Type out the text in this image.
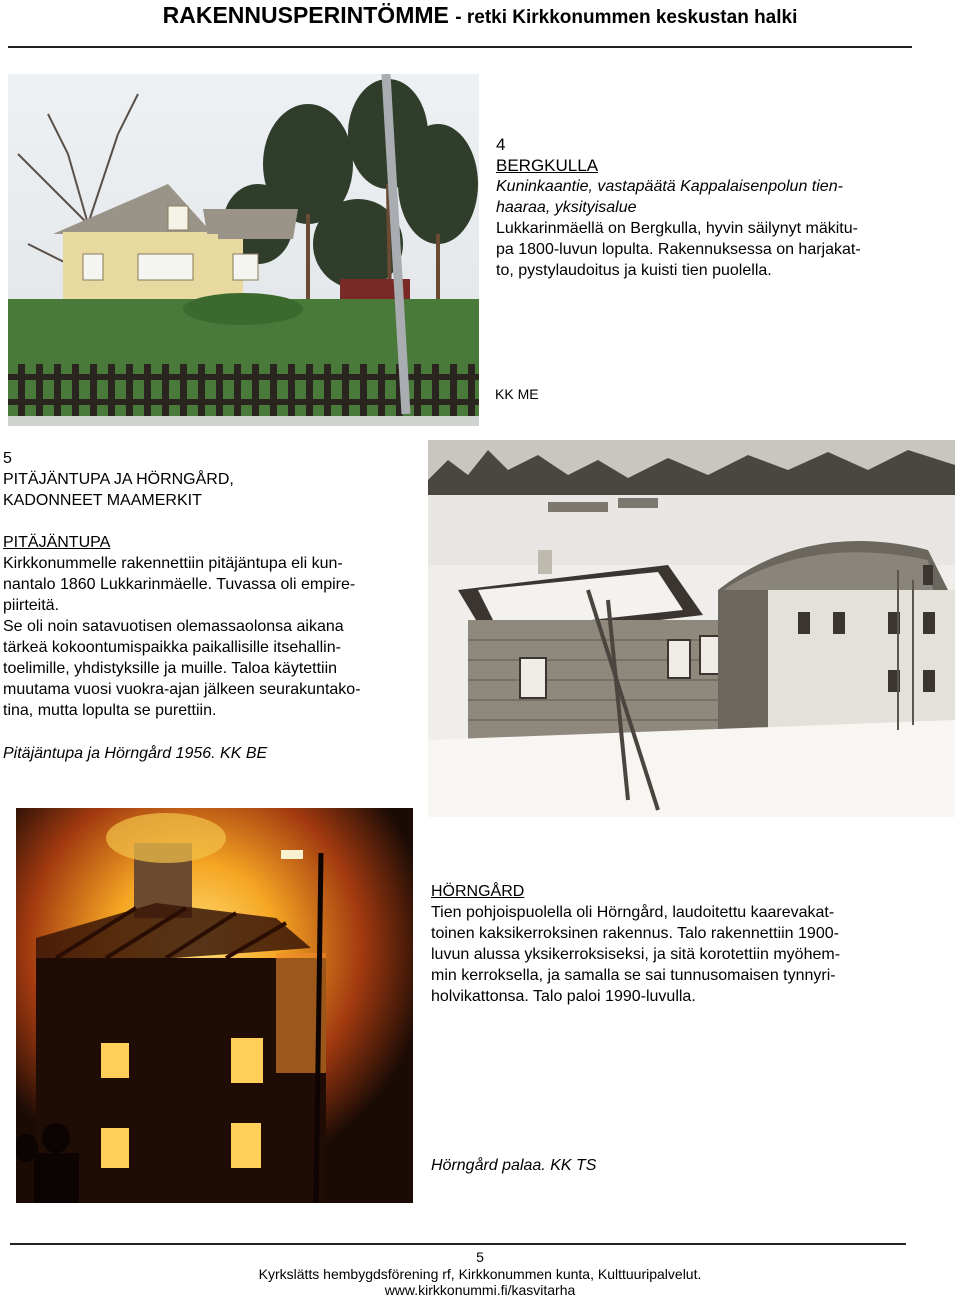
RAKENNUSPERINTÖMME - retki Kirkkonummen keskustan halki
4
BERGKULLA
Kuninkaantie, vastapäätä Kappalaisenpolun tien-
haaraa, yksityisalue
Lukkarinmäellä on Bergkulla, hyvin säilynyt mäkitu-
pa 1800-luvun lopulta. Rakennuksessa on harjakat-
to, pystylaudoitus ja kuisti tien puolella.
KK ME
5
PITÄJÄNTUPA JA HÖRNGÅRD,
KADONNEET MAAMERKIT
PITÄJÄNTUPA
Kirkkonummelle rakennettiin pitäjäntupa eli kun-
nantalo 1860 Lukkarinmäelle. Tuvassa oli empire-
piirteitä.
Se oli noin satavuotisen olemassaolonsa aikana
tärkeä kokoontumispaikka paikallisille itsehallin-
toelimille, yhdistyksille ja muille. Taloa käytettiin
muutama vuosi vuokra-ajan jälkeen seurakuntako-
tina, mutta lopulta se purettiin.
Pitäjäntupa ja Hörngård 1956. KK BE
HÖRNGÅRD
Tien pohjoispuolella oli Hörngård, laudoitettu kaarevakat-
toinen kaksikerroksinen rakennus. Talo rakennettiin 1900-
luvun alussa yksikerroksiseksi, ja sitä korotettiin myöhem-
min kerroksella, ja samalla se sai tunnusomaisen tynnyri-
holvikattonsa. Talo paloi 1990-luvulla.
Hörngård palaa. KK TS
5
Kyrkslätts hembygdsförening rf, Kirkkonummen kunta, Kulttuuripalvelut.
www.kirkkonummi.fi/kasvitarha
